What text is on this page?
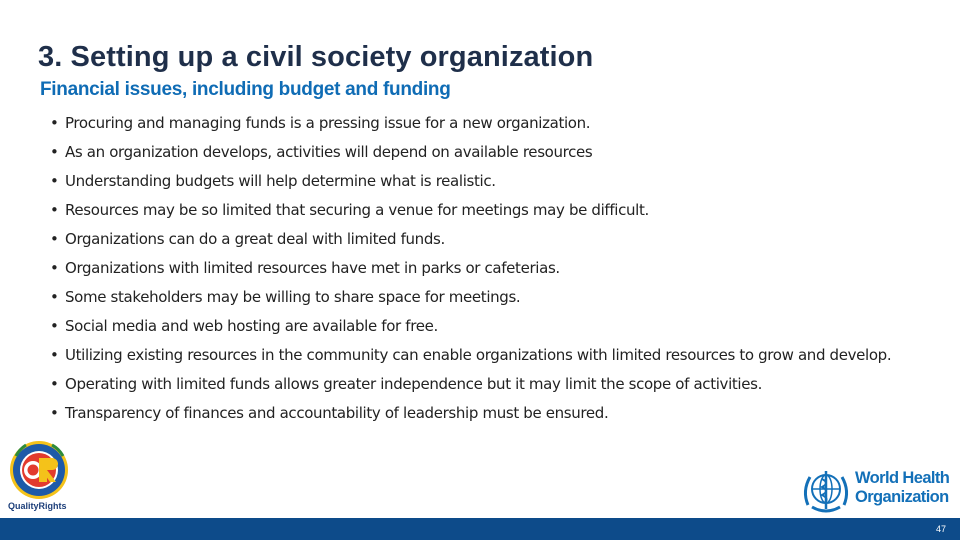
3. Setting up a civil society organization
Financial issues, including budget and funding
• Procuring and managing funds is a pressing issue for a new organization.
• As an organization develops, activities will depend on available resources
• Understanding budgets will help determine what is realistic.
• Resources may be so limited that securing a venue for meetings may be difficult.
• Organizations can do a great deal with limited funds.
• Organizations with limited resources have met in parks or cafeterias.
• Some stakeholders may be willing to share space for meetings.
• Social media and web hosting are available for free.
• Utilizing existing resources in the community can enable organizations with limited resources to grow and develop.
• Operating with limited funds allows greater independence but it may limit the scope of activities.
• Transparency of finances and accountability of leadership must be ensured.
QualityRights
World Health
Organization
47
